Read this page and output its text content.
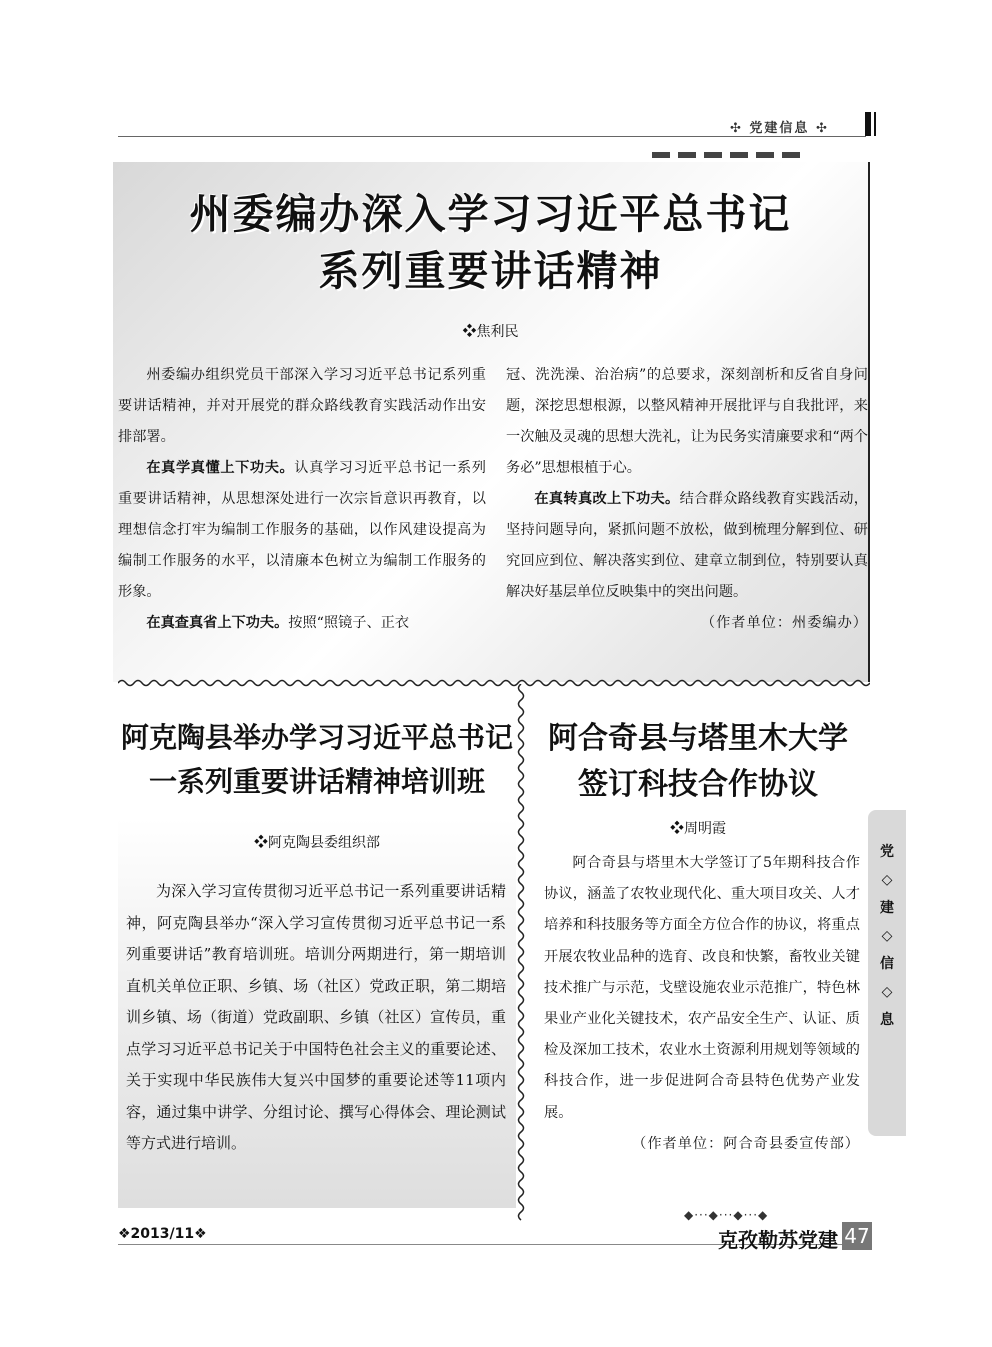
✣ 党建信息 ✣
州委编办深入学习习近平总书记
系列重要讲话精神
❖焦利民

州委编办组织党员干部深入学习习近平总书记系列重要讲话精神，并对开展党的群众路线教育实践活动作出安排部署。

在真学真懂上下功夫。认真学习习近平总书记一系列重要讲话精神，从思想深处进行一次宗旨意识再教育，以理想信念打牢为编制工作服务的基础，以作风建设提高为编制工作服务的水平，以清廉本色树立为编制工作服务的形象。

在真查真省上下功夫。按照“照镜子、正衣

冠、洗洗澡、治治病”的总要求，深刻剖析和反省自身问题，深挖思想根源，以整风精神开展批评与自我批评，来一次触及灵魂的思想大洗礼，让为民务实清廉要求和“两个务必”思想根植于心。

在真转真改上下功夫。结合群众路线教育实践活动，坚持问题导向，紧抓问题不放松，做到梳理分解到位、研究回应到位、解决落实到位、建章立制到位，特别要认真解决好基层单位反映集中的突出问题。

（作者单位：州委编办）
阿克陶县举办学习习近平总书记
一系列重要讲话精神培训班
❖阿克陶县委组织部

为深入学习宣传贯彻习近平总书记一系列重要讲话精神，阿克陶县举办“深入学习宣传贯彻习近平总书记一系列重要讲话”教育培训班。培训分两期进行，第一期培训直机关单位正职、乡镇、场（社区）党政正职，第二期培训乡镇、场（街道）党政副职、乡镇（社区）宣传员，重点学习习近平总书记关于中国特色社会主义的重要论述、关于实现中华民族伟大复兴中国梦的重要论述等11项内容，通过集中讲学、分组讨论、撰写心得体会、理论测试等方式进行培训。

阿合奇县与塔里木大学
签订科技合作协议
❖周明霞

阿合奇县与塔里木大学签订了5年期科技合作协议，涵盖了农牧业现代化、重大项目攻关、人才培养和科技服务等方面全方位合作的协议，将重点开展农牧业品种的选育、改良和快繁，畜牧业关键技术推广与示范，戈壁设施农业示范推广，特色林果业产业化关键技术，农产品安全生产、认证、质检及深加工技术，农业水土资源利用规划等领域的科技合作，进一步促进阿合奇县特色优势产业发展。

（作者单位：阿合奇县委宣传部）
党◇建◇信◇息
◆···◆···◆···◆
❖2013/11❖	克孜勒苏党建 47
